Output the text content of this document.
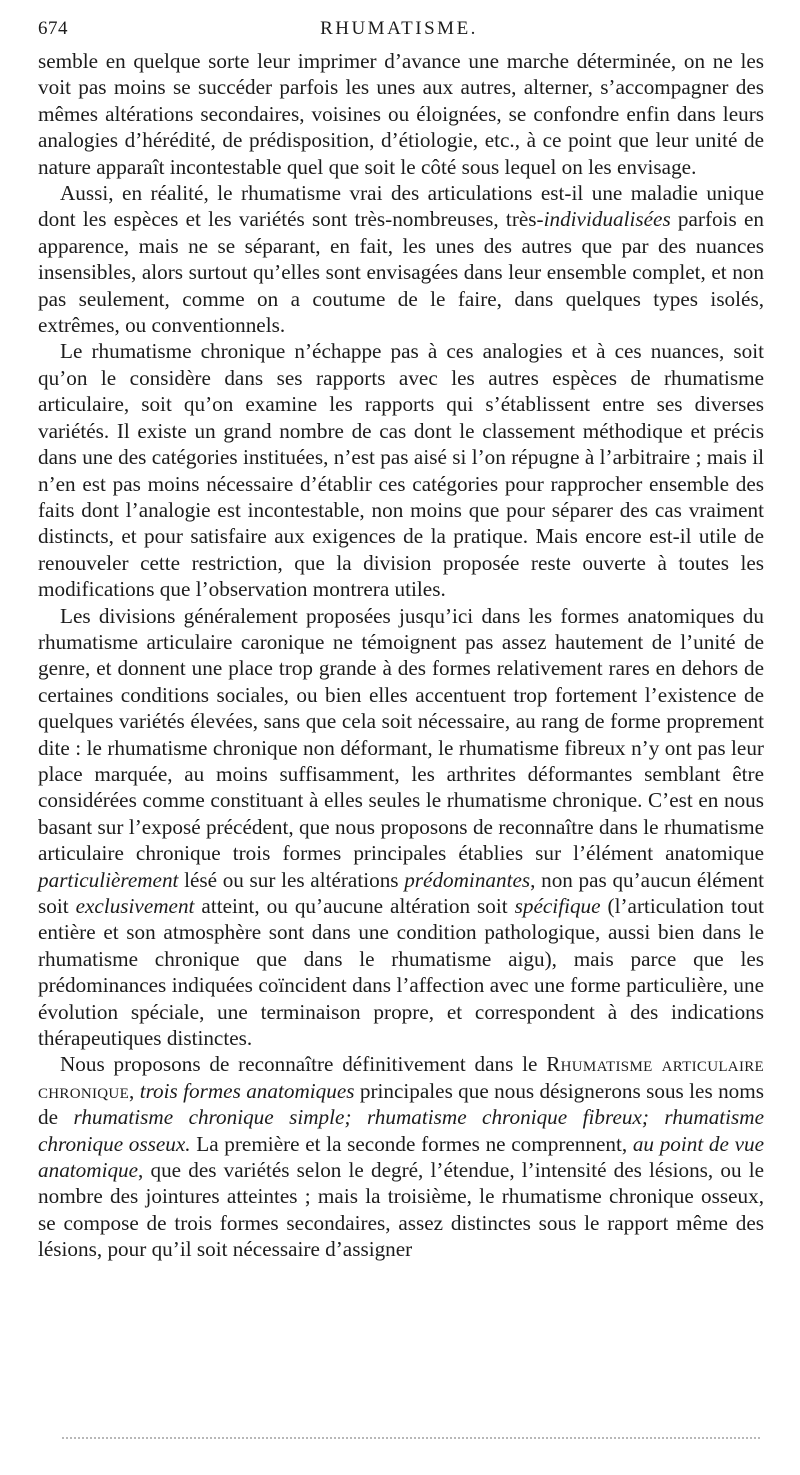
674	RHUMATISME.

semble en quelque sorte leur imprimer d’avance une marche déterminée, on ne les voit pas moins se succéder parfois les unes aux autres, alterner, s’accompagner des mêmes altérations secondaires, voisines ou éloignées, se confondre enfin dans leurs analogies d’hérédité, de prédisposition, d’étiologie, etc., à ce point que leur unité de nature apparaît incontestable quel que soit le côté sous lequel on les envisage.

Aussi, en réalité, le rhumatisme vrai des articulations est-il une maladie unique dont les espèces et les variétés sont très-nombreuses, très-individualisées parfois en apparence, mais ne se séparant, en fait, les unes des autres que par des nuances insensibles, alors surtout qu’elles sont envisagées dans leur ensemble complet, et non pas seulement, comme on a coutume de le faire, dans quelques types isolés, extrêmes, ou conventionnels.

Le rhumatisme chronique n’échappe pas à ces analogies et à ces nuances, soit qu’on le considère dans ses rapports avec les autres espèces de rhumatisme articulaire, soit qu’on examine les rapports qui s’établissent entre ses diverses variétés. Il existe un grand nombre de cas dont le classement méthodique et précis dans une des catégories instituées, n’est pas aisé si l’on répugne à l’arbitraire ; mais il n’en est pas moins nécessaire d’établir ces catégories pour rapprocher ensemble des faits dont l’analogie est incontestable, non moins que pour séparer des cas vraiment distincts, et pour satisfaire aux exigences de la pratique. Mais encore est-il utile de renouveler cette restriction, que la division proposée reste ouverte à toutes les modifications que l’observation montrera utiles.

Les divisions généralement proposées jusqu’ici dans les formes anatomiques du rhumatisme articulaire caronique ne témoignent pas assez hautement de l’unité de genre, et donnent une place trop grande à des formes relativement rares en dehors de certaines conditions sociales, ou bien elles accentuent trop fortement l’existence de quelques variétés élevées, sans que cela soit nécessaire, au rang de forme proprement dite : le rhumatisme chronique non déformant, le rhumatisme fibreux n’y ont pas leur place marquée, au moins suffisamment, les arthrites déformantes semblant être considérées comme constituant à elles seules le rhumatisme chronique. C’est en nous basant sur l’exposé précédent, que nous proposons de reconnaître dans le rhumatisme articulaire chronique trois formes principales établies sur l’élément anatomique particulièrement lésé ou sur les altérations prédominantes, non pas qu’aucun élément soit exclusivement atteint, ou qu’aucune altération soit spécifique (l’articulation tout entière et son atmosphère sont dans une condition pathologique, aussi bien dans le rhumatisme chronique que dans le rhumatisme aigu), mais parce que les prédominances indiquées coïncident dans l’affection avec une forme particulière, une évolution spéciale, une terminaison propre, et correspondent à des indications thérapeutiques distinctes.

Nous proposons de reconnaître définitivement dans le Rhumatisme articulaire chronique, trois formes anatomiques principales que nous désignerons sous les noms de rhumatisme chronique simple; rhumatisme chronique fibreux; rhumatisme chronique osseux. La première et la seconde formes ne comprennent, au point de vue anatomique, que des variétés selon le degré, l’étendue, l’intensité des lésions, ou le nombre des jointures atteintes ; mais la troisième, le rhumatisme chronique osseux, se compose de trois formes secondaires, assez distinctes sous le rapport même des lésions, pour qu’il soit nécessaire d’assigner
